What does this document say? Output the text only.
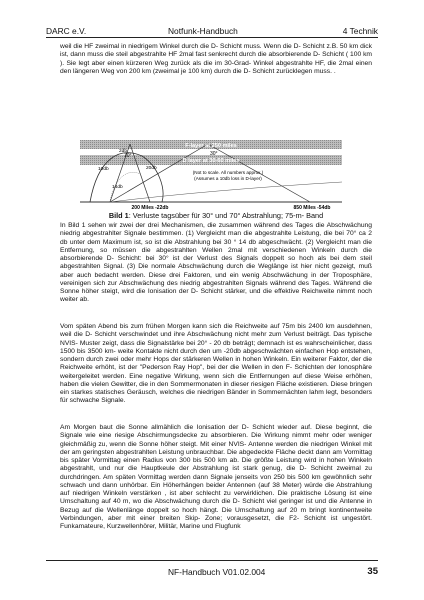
DARC e.V.	Notfunk-Handbuch	4 Technik

weil die HF zweimal in niedrigem Winkel durch die D- Schicht muss. Wenn die D- Schicht z.B. 50 km dick ist, dann muss die steil abgestrahlte HF 2mal fast senkrecht durch die absorbierende D- Schicht ( 100 km ). Sie legt aber einen kürzeren Weg zurück als die im 30-Grad- Winkel abgestrahlte HF, die 2mal einen den längeren Weg von 200 km (zweimal je 100 km) durch die D- Schicht zurücklegen muss. .

F-layer at 250 miles
D layer at 30-60 miles
70°	30°
2db
10db	20db
14db
(Not to scale. All numbers approx.)
(Assumes a 10db loss in D-layer)
200 Miles -22db	850 Miles -54db
Bild 1: Verluste tagsüber für 30° und 70° Abstrahlung; 75-m- Band

In Bild 1 sehen wir zwei der drei Mechanismen, die zusammen während des Tages die Abschwächung niedrig abgestrahlter Signale bestimmen. (1) Vergleicht man die abgestrahlte Leistung, die bei 70° ca 2 db unter dem Maximum ist, so ist die Abstrahlung bei 30 ° 14 db abgeschwächt. (2) Vergleicht man die Entfernung, so müssen die abgestrahlten Wellen 2mal mit verschiedenen Winkeln durch die absorbierende D- Schicht: bei 30° ist der Verlust des Signals doppelt so hoch als bei dem steil abgestrahlten Signal. (3) Die normale Abschwächung durch die Weglänge ist hier nicht gezeigt, muß aber auch bedacht werden. Diese drei Faktoren, und ein wenig Abschwächung in der Troposphäre, vereinigen sich zur Abschwächung des niedrig abgestrahlten Signals während des Tages. Während die Sonne höher steigt, wird die Ionisation der D- Schicht stärker, und die effektive Reichweite nimmt noch weiter ab.

Vom späten Abend bis zum frühen Morgen kann sich die Reichweite auf 75m bis 2400 km ausdehnen, weil die D- Schicht verschwindet und ihre Abschwächung nicht mehr zum Verlust beiträgt. Das typische NVIS- Muster zeigt, dass die Signalstärke bei 20° - 20 db beträgt; demnach ist es wahrscheinlicher, dass 1500 bis 3500 km- weite Kontakte nicht durch den um -20db abgeschwächten einfachen Hop entstehen, sondern durch zwei oder mehr Hops der stärkeren Wellen in hohen Winkeln. Ein weiterer Faktor, der die Reichweite erhöht, ist der "Pederson Ray Hop", bei der die Wellen in den F- Schichten der Ionosphäre weitergeleitet werden. Eine negative Wirkung, wenn sich die Entfernungen auf diese Weise erhöhen, haben die vielen Gewitter, die in den Sommermonaten in dieser riesigen Fläche existieren. Diese bringen ein starkes statisches Geräusch, welches die niedrigen Bänder in Sommernächten lahm legt, besonders für schwache Signale.

Am Morgen baut die Sonne allmählich die Ionisation der D- Schicht wieder auf. Diese beginnt, die Signale wie eine riesige Abschirmungsdecke zu absorbieren. Die Wirkung nimmt mehr oder weniger gleichmäßig zu, wenn die Sonne höher steigt. Mit einer NVIS- Antenne werden die niedrigen Winkel mit der am geringsten abgestrahlten Leistung unbrauchbar. Die abgedeckte Fläche deckt dann am Vormittag bis später Vormittag einen Radius von 300 bis 500 km ab. Die größte Leistung wird in hohen Winkeln abgestrahlt, und nur die Hauptkeule der Abstrahlung ist stark genug, die D- Schicht zweimal zu durchdringen. Am späten Vormittag werden dann Signale jenseits von 250 bis 500 km gewöhnlich sehr schwach und dann unhörbar. Ein Höherhängen beider Antennen (auf 38 Meter) würde die Abstrahlung auf niedrigen Winkeln verstärken , ist aber schlecht zu verwirklichen. Die praktische Lösung ist eine Umschaltung auf 40 m, wo die Abschwächung durch die D- Schicht viel geringer ist und die Antenne in Bezug auf die Wellenlänge doppelt so hoch hängt. Die Umschaltung auf 20 m bringt kontinentweite Verbindungen, aber mit einer breiten Skip- Zone; vorausgesetzt, die F2- Schicht ist ungestört. Funkamateure, Kurzwellenhörer, Militär, Marine und Flugfunk

NF-Handbuch V01.02.004	35
